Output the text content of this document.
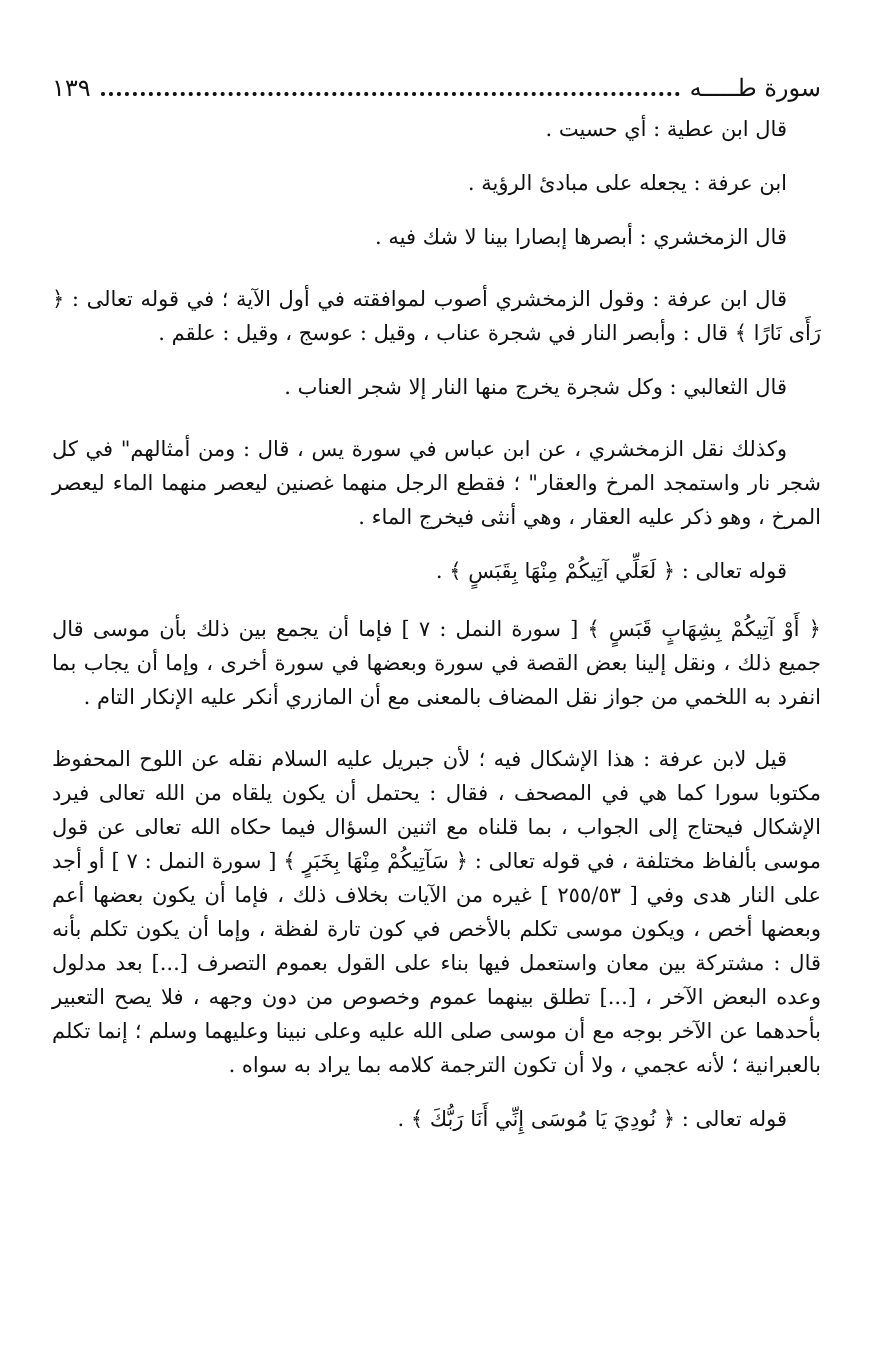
سورة طـــــه
١٣٩

قال ابن عطية : أي حسيت .

ابن عرفة : يجعله على مبادئ الرؤية .

قال الزمخشري : أبصرها إبصارا بينا لا شك فيه .

قال ابن عرفة : وقول الزمخشري أصوب لموافقته في أول الآية ؛ في قوله تعالى : ﴿ رَأَى نَارًا ﴾ قال : وأبصر النار في شجرة عناب ، وقيل : عوسج ، وقيل : علقم .

قال الثعالبي : وكل شجرة يخرج منها النار إلا شجر العناب .

وكذلك نقل الزمخشري ، عن ابن عباس في سورة يس ، قال : ومن أمثالهم" في كل شجر نار واستمجد المرخ والعقار" ؛ فقطع الرجل منهما غصنين ليعصر منهما الماء ليعصر المرخ ، وهو ذكر عليه العقار ، وهي أنثى فيخرج الماء .

قوله تعالى : ﴿ لَعَلِّي آتِيكُمْ مِنْهَا بِقَبَسٍ ﴾ .

﴿ أَوْ آتِيكُمْ بِشِهَابٍ قَبَسٍ ﴾ [ سورة النمل : ٧ ] فإما أن يجمع بين ذلك بأن موسى قال جميع ذلك ، ونقل إلينا بعض القصة في سورة وبعضها في سورة أخرى ، وإما أن يجاب بما انفرد به اللخمي من جواز نقل المضاف بالمعنى مع أن المازري أنكر عليه الإنكار التام .

قيل لابن عرفة : هذا الإشكال فيه ؛ لأن جبريل عليه السلام نقله عن اللوح المحفوظ مكتوبا سورا كما هي في المصحف ، فقال : يحتمل أن يكون يلقاه من الله تعالى فيرد الإشكال فيحتاج إلى الجواب ، بما قلناه مع اثنين السؤال فيما حكاه الله تعالى عن قول موسى بألفاظ مختلفة ، في قوله تعالى : ﴿ سَآتِيكُمْ مِنْهَا بِخَبَرٍ ﴾ [ سورة النمل : ٧ ] أو أجد على النار هدى وفي [ ٢٥٥/٥٣ ] غيره من الآيات بخلاف ذلك ، فإما أن يكون بعضها أعم وبعضها أخص ، ويكون موسى تكلم بالأخص في كون تارة لفظة ، وإما أن يكون تكلم بأنه قال : مشتركة بين معان واستعمل فيها بناء على القول بعموم التصرف [...] بعد مدلول وعده البعض الآخر ، [...] تطلق بينهما عموم وخصوص من دون وجهه ، فلا يصح التعبير بأحدهما عن الآخر بوجه مع أن موسى صلى الله عليه وعلى نبينا وعليهما وسلم ؛ إنما تكلم بالعبرانية ؛ لأنه عجمي ، ولا أن تكون الترجمة كلامه بما يراد به سواه .

قوله تعالى : ﴿ نُودِيَ يَا مُوسَى إِنِّي أَنَا رَبُّكَ ﴾ .
